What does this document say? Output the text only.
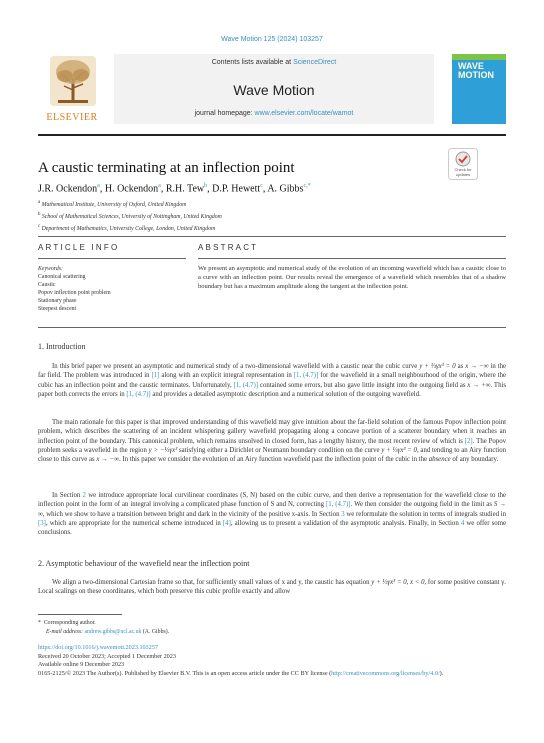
Wave Motion 125 (2024) 103257
ELSEVIER
Contents lists available at ScienceDirect
Wave Motion
journal homepage: www.elsevier.com/locate/wamot
WAVE MOTION
A caustic terminating at an inflection point	Check for
updates
J.R. Ockendon$^a$, H. Ockendon$^a$, R.H. Tew$^b$, D.P. Hewett$^c$, A. Gibbs$^{c,*}$
$^a$ Mathematical Institute, University of Oxford, United Kingdom
$^b$ School of Mathematical Sciences, University of Nottingham, United Kingdom
$^c$ Department of Mathematics, University College, London, United Kingdom
ARTICLE INFO	ABSTRACT
Keywords:
Canonical scattering
Caustic
Popov inflection point problem
Stationary phase
Steepest descent
We present an asymptotic and numerical study of the evolution of an incoming wavefield which has a caustic close to a curve with an inflection point. Our results reveal the emergence of a wavefield which resembles that of a shadow boundary but has a maximum amplitude along the tangent at the inflection point.
1. Introduction
In this brief paper we present an asymptotic and numerical study of a two-dimensional wavefield with a caustic near the cubic curve y + ⅓γx³ = 0 as x → −∞ in the far field. The problem was introduced in [1] along with an explicit integral representation in [1, (4.7)] for the wavefield in a small neighbourhood of the origin, where the cubic has an inflection point and the caustic terminates. Unfortunately, [1, (4.7)] contained some errors, but also gave little insight into the outgoing field as x → +∞. This paper both corrects the errors in [1, (4.7)] and provides a detailed asymptotic description and a numerical solution of the outgoing wavefield.
The main rationale for this paper is that improved understanding of this wavefield may give intuition about the far-field solution of the famous Popov inflection point problem, which describes the scattering of an incident whispering gallery wavefield propagating along a concave portion of a scatterer boundary when it reaches an inflection point of the boundary. This canonical problem, which remains unsolved in closed form, has a lengthy history, the most recent review of which is [2]. The Popov problem seeks a wavefield in the region y > −⅓γx³ satisfying either a Dirichlet or Neumann boundary condition on the curve y + ⅓γx³ = 0, and tending to an Airy function close to this curve as x → −∞. In this paper we consider the evolution of an Airy function wavefield past the inflection point of the cubic in the absence of any boundary.
In Section 2 we introduce appropriate local curvilinear coordinates (S, N) based on the cubic curve, and then derive a representation for the wavefield close to the inflection point in the form of an integral involving a complicated phase function of S and N, correcting [1, (4.7)]. We then consider the outgoing field in the limit as S → ∞, which we show to have a transition between bright and dark in the vicinity of the positive x-axis. In Section 3 we reformulate the solution in terms of integrals studied in [3], which are appropriate for the numerical scheme introduced in [4], allowing us to present a validation of the asymptotic analysis. Finally, in Section 4 we offer some conclusions.
2. Asymptotic behaviour of the wavefield near the inflection point
We align a two-dimensional Cartesian frame so that, for sufficiently small values of x and y, the caustic has equation y + ⅓γx³ = 0, x < 0, for some positive constant γ. Local scalings on these coordinates, which both preserve this cubic profile exactly and allow
* Corresponding author.
E-mail address: andrew.gibbs@ucl.ac.uk (A. Gibbs).
https://doi.org/10.1016/j.wavemoti.2023.103257
Received 20 October 2023; Accepted 1 December 2023
Available online 9 December 2023
0165-2125/© 2023 The Author(s). Published by Elsevier B.V. This is an open access article under the CC BY license (http://creativecommons.org/licenses/by/4.0/).
